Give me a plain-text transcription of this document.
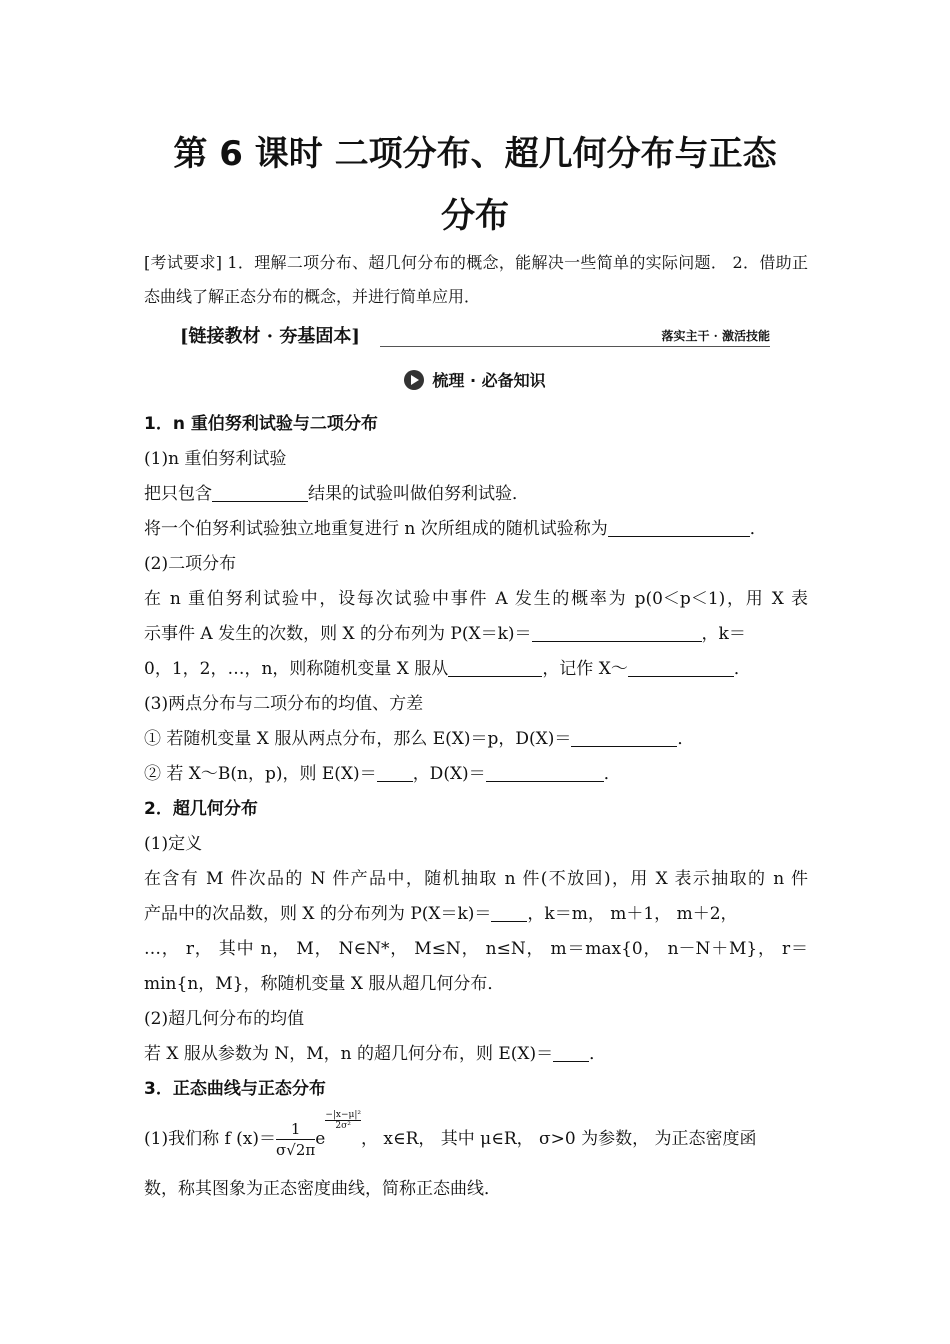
第 6 课时 二项分布、超几何分布与正态
分布
[考试要求] 1．理解二项分布、超几何分布的概念，能解决一些简单的实际问题． 2．借助正态曲线了解正态分布的概念，并进行简单应用．
[链接教材 · 夯基固本]	落实主干 · 激活技能
梳理 · 必备知识
1．n 重伯努利试验与二项分布
(1)n 重伯努利试验
把只包含	结果的试验叫做伯努利试验．
将一个伯努利试验独立地重复进行 n 次所组成的随机试验称为	．
(2)二项分布
在 n 重伯努利试验中，设每次试验中事件 A 发生的概率为 p(0＜p＜1)，用 X 表
示事件 A 发生的次数，则 X 的分布列为 P(X＝k)＝	，k＝
0，1，2，…，n，则称随机变量 X 服从	，记作 X～	．
(3)两点分布与二项分布的均值、方差
① 若随机变量 X 服从两点分布，那么 E(X)＝p，D(X)＝	．
② 若 X～B(n，p)，则 E(X)＝ ，D(X)＝	．
2．超几何分布
(1)定义
在含有 M 件次品的 N 件产品中，随机抽取 n 件(不放回)，用 X 表示抽取的 n 件
产品中的次品数，则 X 的分布列为 P(X＝k)＝ ，k＝m， m＋1， m＋2，
…， r， 其中 n， M， N∈N*， M≤N， n≤N， m＝max{0， n－N＋M}， r＝
min{n，M}，称随机变量 X 服从超几何分布．
(2)超几何分布的均值
若 X 服从参数为 N，M，n 的超几何分布，则 E(X)＝ ．
3．正态曲线与正态分布
(1)我们称 f $(x)= \frac{1}{\sigma√2\pi}$ e
$\frac{\text{−|x−μ|²}}{\text{2σ²}}$
， x∈R， 其中 μ∈R， σ>0 为参数， 为正态密度函
数，称其图象为正态密度曲线，简称正态曲线．
